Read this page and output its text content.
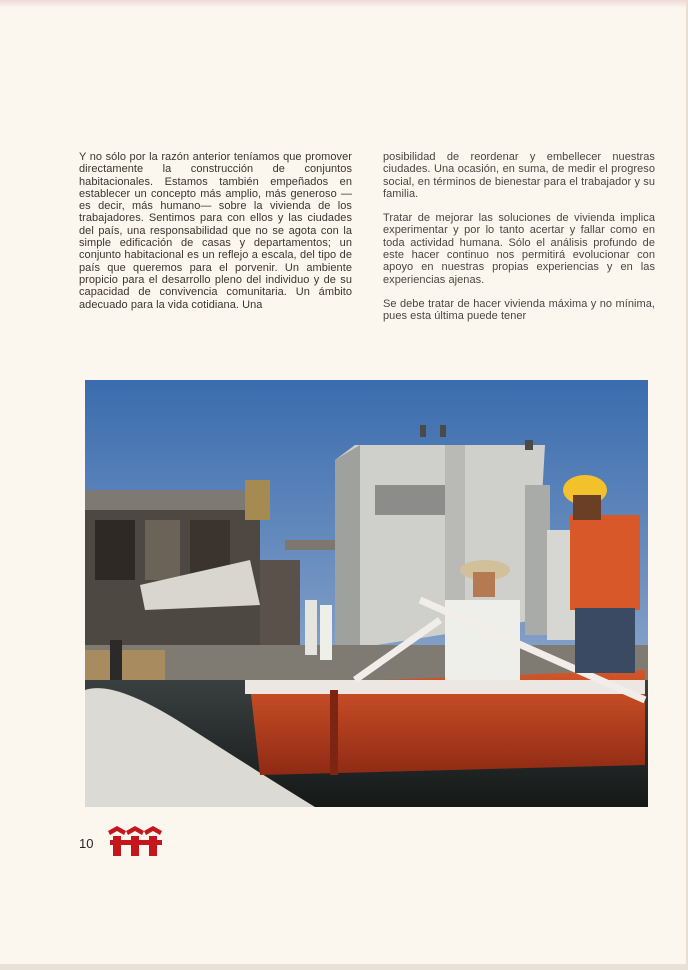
Y no sólo por la razón anterior teníamos que promover directamente la construcción de conjuntos habitacionales. Estamos también empeñados en establecer un concepto más amplio, más generoso —es decir, más humano— sobre la vivienda de los trabajadores. Sentimos para con ellos y las ciudades del país, una responsabilidad que no se agota con la simple edificación de casas y departamentos; un conjunto habitacional es un reflejo a escala, del tipo de país que queremos para el porvenir. Un ambiente propicio para el desarrollo pleno del individuo y de su capacidad de convivencia comunitaria. Un ámbito adecuado para la vida cotidiana. Una

posibilidad de reordenar y embellecer nuestras ciudades. Una ocasión, en suma, de medir el progreso social, en términos de bienestar para el trabajador y su familia.

Tratar de mejorar las soluciones de vivienda implica experimentar y por lo tanto acertar y fallar como en toda actividad humana. Sólo el análisis profundo de este hacer continuo nos permitirá evolucionar con apoyo en nuestras propias experiencias y en las experiencias ajenas.

Se debe tratar de hacer vivienda máxima y no mínima, pues esta última puede tener

10
